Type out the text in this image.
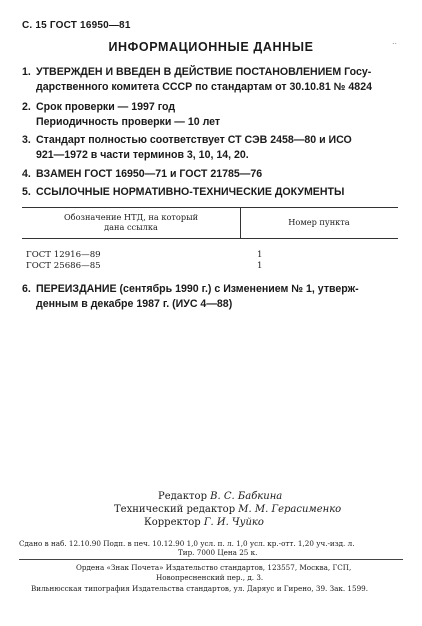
С. 15 ГОСТ 16950—81
..
ИНФОРМАЦИОННЫЕ ДАННЫЕ
1. УТВЕРЖДЕН И ВВЕДЕН В ДЕЙСТВИЕ ПОСТАНОВЛЕНИЕМ Госу-
дарственного комитета СССР по стандартам от 30.10.81 № 4824
2. Срок проверки — 1997 год
Периодичность проверки — 10 лет
3. Стандарт полностью соответствует СТ СЭВ 2458—80 и ИСО
921—1972 в части терминов 3, 10, 14, 20.
4. ВЗАМЕН ГОСТ 16950—71 и ГОСТ 21785—76
5. ССЫЛОЧНЫЕ НОРМАТИВНО-ТЕХНИЧЕСКИЕ ДОКУМЕНТЫ
Обозначение НТД, на который
дана ссылка	Номер пункта
ГОСТ 12916—89	1
ГОСТ 25686—85	1
6. ПЕРЕИЗДАНИЕ (сентябрь 1990 г.) с Изменением № 1, утверж-
денным в декабре 1987 г. (ИУС 4—88)
Редактор В. С. Бабкина
Технический редактор М. М. Герасименко
Корректор Г. И. Чуйко
Сдано в наб. 12.10.90 Подп. в печ. 10.12.90 1,0 усл. п. л. 1,0 усл. кр.-отт. 1,20 уч.-изд. л.
Тир. 7000 Цена 25 к.
Ордена «Знак Почета» Издательство стандартов, 123557, Москва, ГСП,
Новопресненский пер., д. 3.
Вильнюсская типография Издательства стандартов, ул. Даряус и Гирено, 39. Зак. 1599.
